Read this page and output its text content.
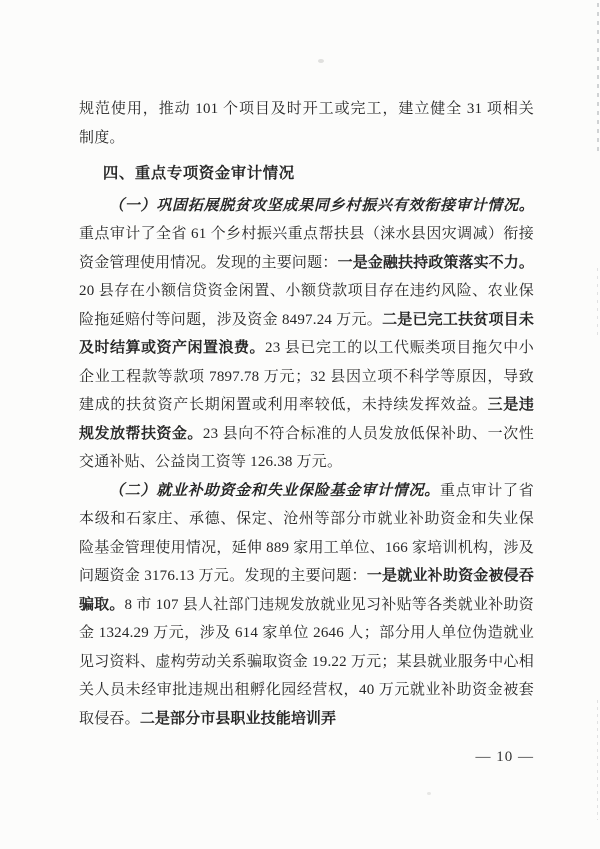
规范使用，推动 101 个项目及时开工或完工，建立健全 31 项相关

制度。

四、重点专项资金审计情况

（一）巩固拓展脱贫攻坚成果同乡村振兴有效衔接审计情况。重点审计了全省 61 个乡村振兴重点帮扶县（涞水县因灾调减）衔接资金管理使用情况。发现的主要问题：一是金融扶持政策落实不力。20 县存在小额信贷资金闲置、小额贷款项目存在违约风险、农业保险拖延赔付等问题，涉及资金 8497.24 万元。二是已完工扶贫项目未及时结算或资产闲置浪费。23 县已完工的以工代赈类项目拖欠中小企业工程款等款项 7897.78 万元；32 县因立项不科学等原因，导致建成的扶贫资产长期闲置或利用率较低，未持续发挥效益。三是违规发放帮扶资金。23 县向不符合标准的人员发放低保补助、一次性交通补贴、公益岗工资等 126.38 万元。

（二）就业补助资金和失业保险基金审计情况。重点审计了省本级和石家庄、承德、保定、沧州等部分市就业补助资金和失业保险基金管理使用情况，延伸 889 家用工单位、166 家培训机构，涉及问题资金 3176.13 万元。发现的主要问题：一是就业补助资金被侵吞骗取。8 市 107 县人社部门违规发放就业见习补贴等各类就业补助资金 1324.29 万元，涉及 614 家单位 2646 人；部分用人单位伪造就业见习资料、虚构劳动关系骗取资金 19.22 万元；某县就业服务中心相关人员未经审批违规出租孵化园经营权，40 万元就业补助资金被套取侵吞。二是部分市县职业技能培训弄

— 10 —
